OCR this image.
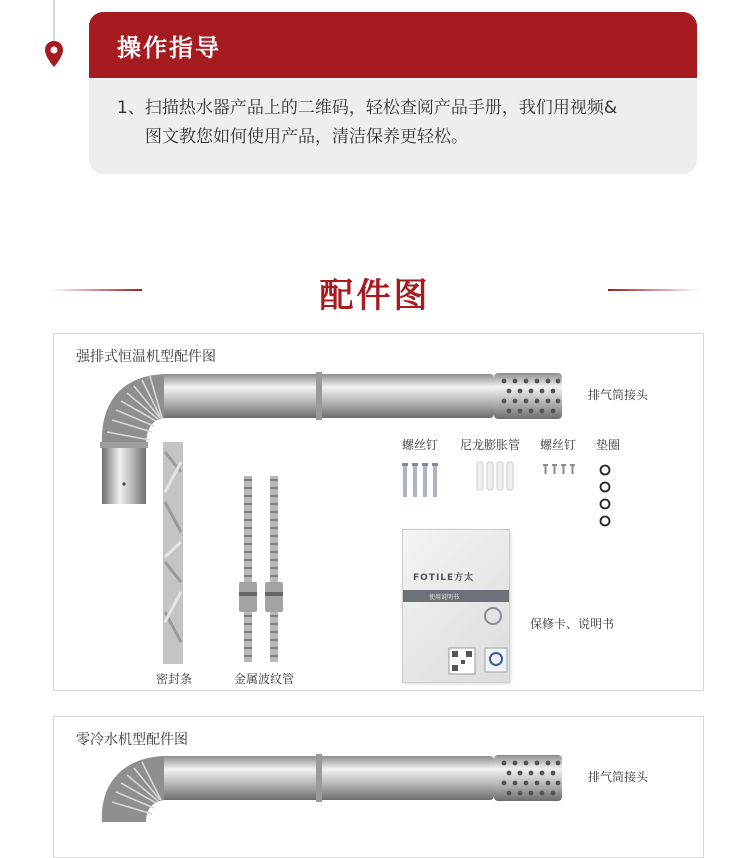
操作指导
1、扫描热水器产品上的二维码，轻松查阅产品手册，我们用视频&
图文教您如何使用产品，清洁保养更轻松。
配件图
强排式恒温机型配件图
密封条	金属波纹管
螺丝钉 尼龙膨胀管 螺丝钉 垫圈
排气筒接头
FOTILE方太
使用说明书
保修卡、说明书
零冷水机型配件图
排气筒接头
